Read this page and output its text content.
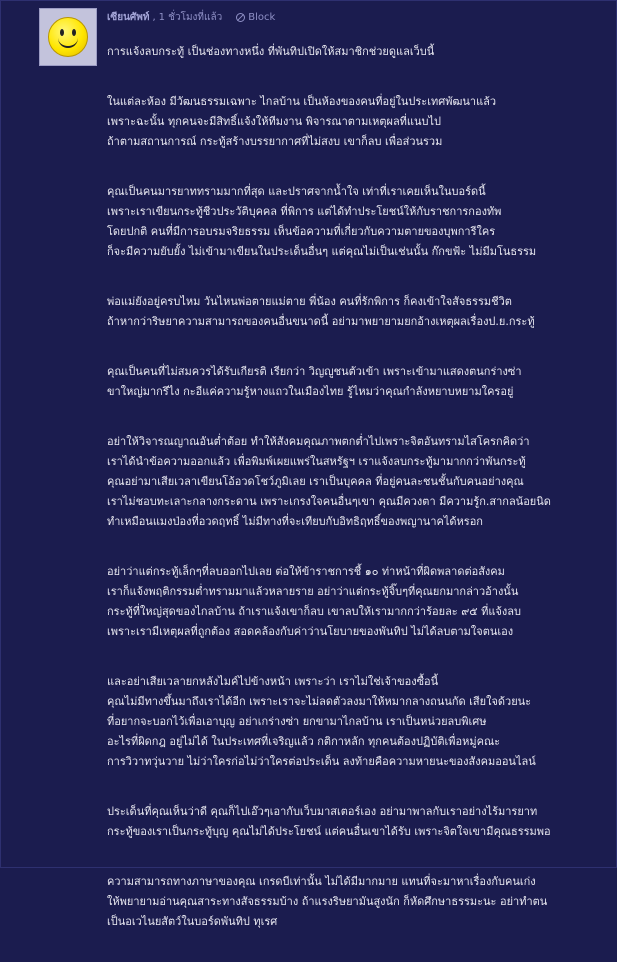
เซียนศัพท์ , 1 ชั่วโมงที่แล้ว	Block
การแจ้งลบกระทู้ เป็นช่องทางหนึ่ง ที่พันทิปเปิดให้สมาชิกช่วยดูแลเว็บนี้
ในแต่ละห้อง มีวัฒนธรรมเฉพาะ ไกลบ้าน เป็นห้องของคนที่อยู่ในประเทศพัฒนาแล้ว
เพราะฉะนั้น ทุกคนจะมีสิทธิ์แจ้งให้ทีมงาน พิจารณาตามเหตุผลที่แนบไป
ถ้าตามสถานการณ์ กระทู้สร้างบรรยากาศที่ไม่สงบ เขาก็ลบ เพื่อส่วนรวม
คุณเป็นคนมารยาททรามมากที่สุด และปราศจากน้ำใจ เท่าที่เราเคยเห็นในบอร์ดนี้
เพราะเราเขียนกระทู้ชีวประวัติบุคคล ที่พิการ แต่ได้ทำประโยชน์ให้กับราชการกองทัพ
โดยปกติ คนที่มีการอบรมจริยธรรม เห็นข้อความที่เกี่ยวกับความตายของบุพการีใคร
ก็จะมีความยับยั้ง ไม่เข้ามาเขียนในประเด็นอื่นๆ แต่คุณไม่เป็นเช่นนั้น ก๊กขฟ้ะ ไม่มีมโนธรรม
พ่อแม่ยังอยู่ครบไหม วันไหนพ่อตายแม่ตาย พี่น้อง คนที่รักพิการ ก็คงเข้าใจสัจธรรมชีวิต
ถ้าหากว่าริษยาความสามารถของคนอื่นขนาดนี้ อย่ามาพยายามยกอ้างเหตุผลเรื่องป.ย.กระทู้
คุณเป็นคนที่ไม่สมควรได้รับเกียรติ เรียกว่า วิญญูชนตัวเข้า เพราะเข้ามาแสดงตนกร่างซ่า
ขาใหญ่มากรึไง กะอีแค่ความรู้หางแถวในเมืองไทย รู้ไหมว่าคุณกำลังหยาบหยามใครอยู่
อย่าให้วิจารณญาณอันต่ำต้อย ทำให้สังคมคุณภาพตกต่ำไปเพราะจิตอันทรามไสโครกคิดว่า
เราได้นำข้อความออกแล้ว เพื่อพิมพ์เผยแพร่ในสหรัฐฯ เราแจ้งลบกระทู้มามากกว่าพันกระทู้
คุณอย่ามาเสียเวลาเขียนโอ้อวดโชว์ภูมิเลย เราเป็นบุคคล ที่อยู่คนละชนชั้นกับคนอย่างคุณ
เราไม่ชอบทะเลาะกลางกระดาน เพราะเกรงใจคนอื่นๆเขา คุณมีควงตา มีความรู้ก.สากลน้อยนิด
ทำเหมือนแมงป่องที่อวดฤทธิ์ ไม่มีทางที่จะเทียบกับอิทธิฤทธิ์ของพญานาคได้หรอก
อย่าว่าแต่กระทู้เล็กๆที่ลบออกไปเลย ต่อให้ข้าราชการชี้ ๑๐ ท่าหน้าที่ผิดพลาดต่อสังคม
เราก็แจ้งพฤติกรรมต่ำทรามมาแล้วหลายราย อย่าว่าแต่กระทู้จิ๊บๆที่คุณยกมากล่าวอ้างนั้น
กระทู้ที่ใหญ่สุดของไกลบ้าน ถ้าเราแจ้งเขาก็ลบ เขาลบให้เรามากกว่าร้อยละ ๙๕ ที่แจ้งลบ
เพราะเรามีเหตุผลที่ถูกต้อง สอดคล้องกับค่าว่านโยบายของพันทิป ไม่ได้ลบตามใจตนเอง
และอย่าเสียเวลายกหลังไมค์ไปข้างหน้า เพราะว่า เราไม่ใช่เจ้าของซื้อนี้
คุณไม่มีทางขึ้นมาถึงเราได้อีก เพราะเราจะไม่ลดตัวลงมาให้หมากลางถนนกัด เสียใจด้วยนะ
ที่อยากจะบอกไว้เพื่อเอาบุญ อย่าเกร่างซ่า ยกขามาไกลบ้าน เราเป็นหน่วยลบพิเศษ
อะไรที่ผิดกฎ อยู่ไม่ได้ ในประเทศที่เจริญแล้ว กติกาหลัก ทุกคนต้องปฏิบัติเพื่อหมู่คณะ
การวิวาทวุ่นวาย ไม่ว่าใครก่อไม่ว่าใครต่อประเด็น ลงท้ายคือความหายนะของสังคมออนไลน์
ประเด็นที่คุณเห็นว่าดี คุณก็ไปเอ๊วๆเอากับเว็บมาสเตอร์เอง อย่ามาพาลกับเราอย่างไร้มารยาท
กระทู้ของเราเป็นกระทู้บุญ คุณไม่ได้ประโยชน์ แต่คนอื่นเขาได้รับ เพราะจิตใจเขามีคุณธรรมพอ
ความสามารถทางภาษาของคุณ เกรดบีเท่านั้น ไม่ได้มีมากมาย แทนที่จะมาหาเรื่องกับคนเก่ง
ให้พยายามอ่านคุณสาระทางสัจธรรมบ้าง ถ้าแรงริษยามันสูงนัก ก็หัดศึกษาธรรมะนะ อย่าทำตน
เป็นอเวไนยสัตว์ในบอร์ดพันทิป ทุเรศ
